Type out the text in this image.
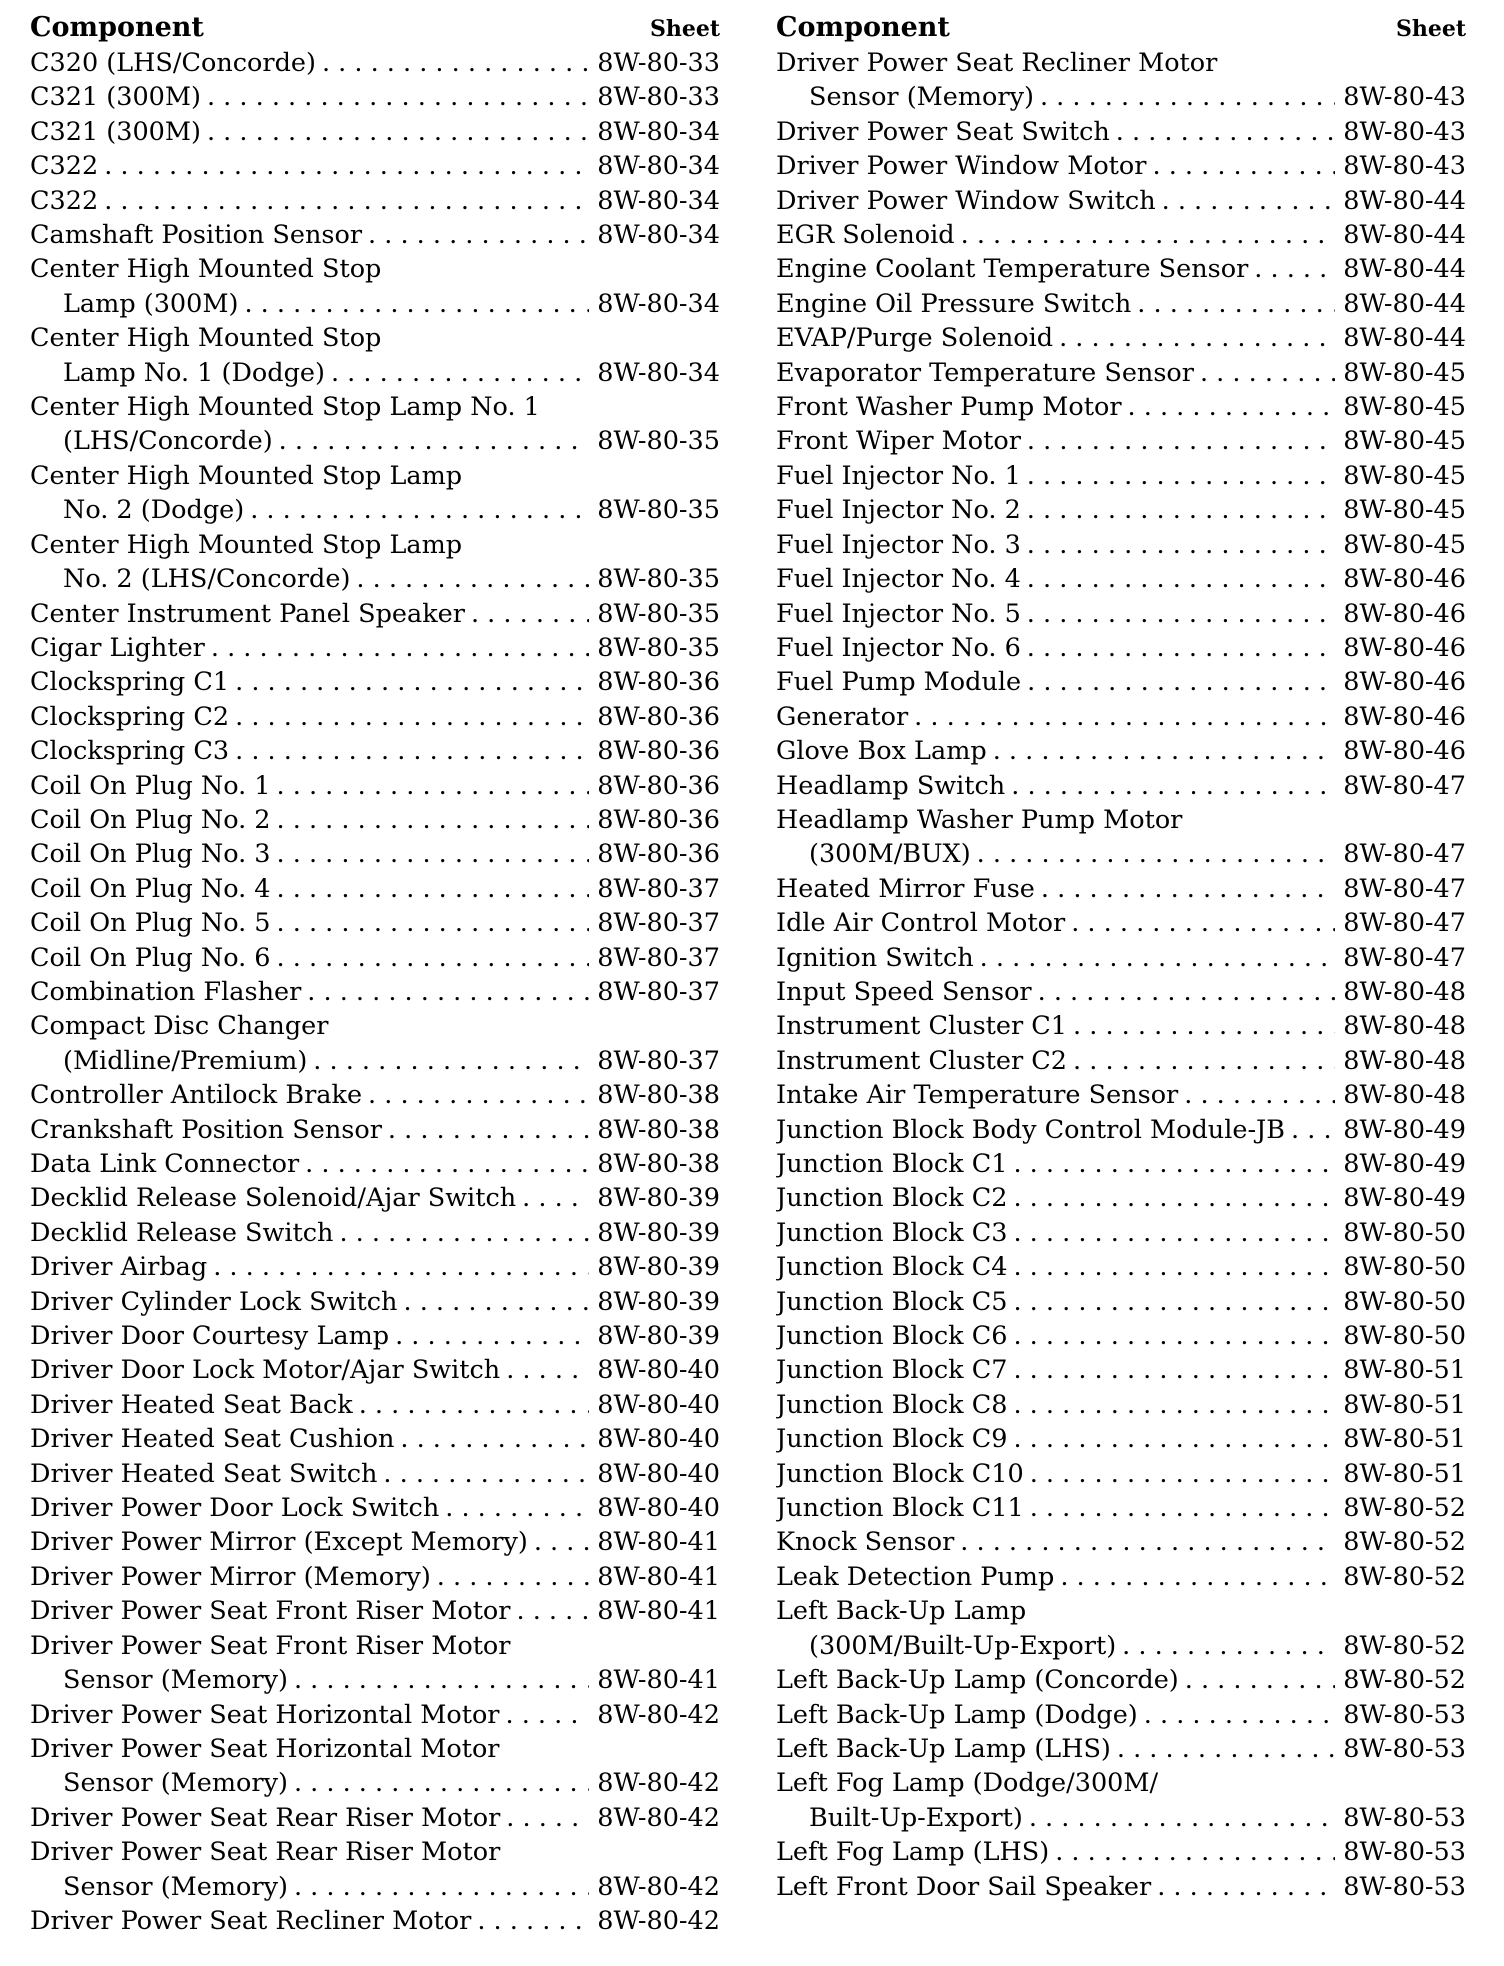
Component	Sheet
C320 (LHS/Concorde) . . .	8W-80-33
C321 (300M) . . .	8W-80-33
C321 (300M) . . .	8W-80-34
C322 . . .	8W-80-34
C322 . . .	8W-80-34
Camshaft Position Sensor . . .	8W-80-34
Center High Mounted Stop
Lamp (300M) . . .	8W-80-34
Center High Mounted Stop
Lamp No. 1 (Dodge) . . .	8W-80-34
Center High Mounted Stop Lamp No. 1
(LHS/Concorde) . . .	8W-80-35
Center High Mounted Stop Lamp
No. 2 (Dodge) . . .	8W-80-35
Center High Mounted Stop Lamp
No. 2 (LHS/Concorde) . . .	8W-80-35
Center Instrument Panel Speaker . . .	8W-80-35
Cigar Lighter . . .	8W-80-35
Clockspring C1 . . .	8W-80-36
Clockspring C2 . . .	8W-80-36
Clockspring C3 . . .	8W-80-36
Coil On Plug No. 1 . . .	8W-80-36
Coil On Plug No. 2 . . .	8W-80-36
Coil On Plug No. 3 . . .	8W-80-36
Coil On Plug No. 4 . . .	8W-80-37
Coil On Plug No. 5 . . .	8W-80-37
Coil On Plug No. 6 . . .	8W-80-37
Combination Flasher . . .	8W-80-37
Compact Disc Changer
(Midline/Premium) . . .	8W-80-37
Controller Antilock Brake . . .	8W-80-38
Crankshaft Position Sensor . . .	8W-80-38
Data Link Connector . . .	8W-80-38
Decklid Release Solenoid/Ajar Switch . . .	8W-80-39
Decklid Release Switch . . .	8W-80-39
Driver Airbag . . .	8W-80-39
Driver Cylinder Lock Switch . . .	8W-80-39
Driver Door Courtesy Lamp . . .	8W-80-39
Driver Door Lock Motor/Ajar Switch . . .	8W-80-40
Driver Heated Seat Back . . .	8W-80-40
Driver Heated Seat Cushion . . .	8W-80-40
Driver Heated Seat Switch . . .	8W-80-40
Driver Power Door Lock Switch . . .	8W-80-40
Driver Power Mirror (Except Memory) . . .	8W-80-41
Driver Power Mirror (Memory) . . .	8W-80-41
Driver Power Seat Front Riser Motor . . .	8W-80-41
Driver Power Seat Front Riser Motor
Sensor (Memory) . . .	8W-80-41
Driver Power Seat Horizontal Motor . . .	8W-80-42
Driver Power Seat Horizontal Motor
Sensor (Memory) . . .	8W-80-42
Driver Power Seat Rear Riser Motor . . .	8W-80-42
Driver Power Seat Rear Riser Motor
Sensor (Memory) . . .	8W-80-42
Driver Power Seat Recliner Motor . . .	8W-80-42
Component	Sheet
Driver Power Seat Recliner Motor
Sensor (Memory) . . .	8W-80-43
Driver Power Seat Switch . . .	8W-80-43
Driver Power Window Motor . . .	8W-80-43
Driver Power Window Switch . . .	8W-80-44
EGR Solenoid . . .	8W-80-44
Engine Coolant Temperature Sensor . . .	8W-80-44
Engine Oil Pressure Switch . . .	8W-80-44
EVAP/Purge Solenoid . . .	8W-80-44
Evaporator Temperature Sensor . . .	8W-80-45
Front Washer Pump Motor . . .	8W-80-45
Front Wiper Motor . . .	8W-80-45
Fuel Injector No. 1 . . .	8W-80-45
Fuel Injector No. 2 . . .	8W-80-45
Fuel Injector No. 3 . . .	8W-80-45
Fuel Injector No. 4 . . .	8W-80-46
Fuel Injector No. 5 . . .	8W-80-46
Fuel Injector No. 6 . . .	8W-80-46
Fuel Pump Module . . .	8W-80-46
Generator . . .	8W-80-46
Glove Box Lamp . . .	8W-80-46
Headlamp Switch . . .	8W-80-47
Headlamp Washer Pump Motor
(300M/BUX) . . .	8W-80-47
Heated Mirror Fuse . . .	8W-80-47
Idle Air Control Motor . . .	8W-80-47
Ignition Switch . . .	8W-80-47
Input Speed Sensor . . .	8W-80-48
Instrument Cluster C1 . . .	8W-80-48
Instrument Cluster C2 . . .	8W-80-48
Intake Air Temperature Sensor . . .	8W-80-48
Junction Block Body Control Module-JB . . . 8W-80-49
Junction Block C1 . . .	8W-80-49
Junction Block C2 . . .	8W-80-49
Junction Block C3 . . .	8W-80-50
Junction Block C4 . . .	8W-80-50
Junction Block C5 . . .	8W-80-50
Junction Block C6 . . .	8W-80-50
Junction Block C7 . . .	8W-80-51
Junction Block C8 . . .	8W-80-51
Junction Block C9 . . .	8W-80-51
Junction Block C10 . . .	8W-80-51
Junction Block C11 . . .	8W-80-52
Knock Sensor . . .	8W-80-52
Leak Detection Pump . . .	8W-80-52
Left Back-Up Lamp
(300M/Built-Up-Export) . . .	8W-80-52
Left Back-Up Lamp (Concorde) . . .	8W-80-52
Left Back-Up Lamp (Dodge) . . .	8W-80-53
Left Back-Up Lamp (LHS) . . .	8W-80-53
Left Fog Lamp (Dodge/300M/
Built-Up-Export) . . .	8W-80-53
Left Fog Lamp (LHS) . . .	8W-80-53
Left Front Door Sail Speaker . . .	8W-80-53
